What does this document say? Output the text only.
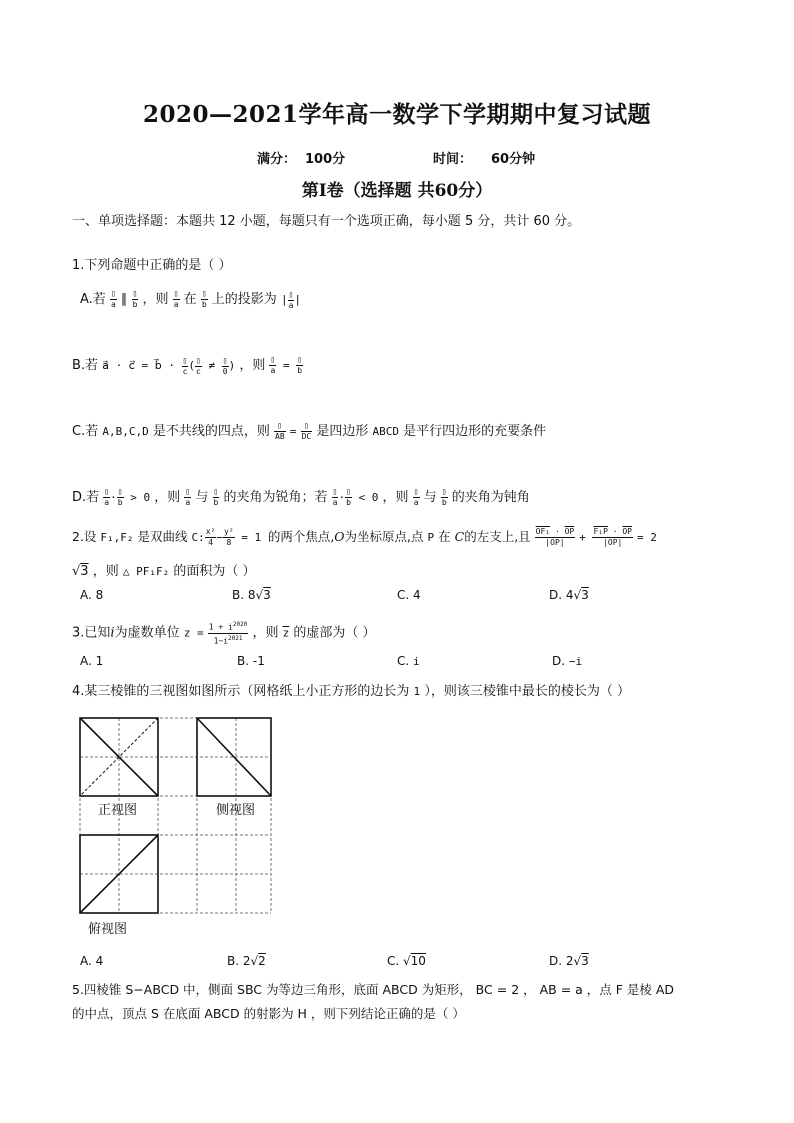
2020—2021学年高一数学下学期期中复习试题
满分： 100分	时间： 60分钟
第Ⅰ卷（选择题 共60分）
一、单项选择题：本题共 12 小题，每题只有一个选项正确，每小题 5 分，共计 60 分。
1.下列命题中正确的是（ ）
A.若 $\frac{▯}{a}$ ∥ $\frac{▯}{b}$ ，则 $\frac{▯}{a}$ 在 $\frac{▯}{b}$ 上的投影为 | $\frac{▯}{a}$ |
B.若 a⃗ · c⃗ = b⃗ · $\frac{▯}{c}$ ( $\frac{▯}{c} \ne \frac{▯}{0}$ ) ，则 $\frac{▯}{a} = \frac{▯}{b}$
C.若 A,B,C,D 是不共线的四点，则 $\frac{▯}{AB} = \frac{▯}{DC}$ 是四边形 ABCD 是平行四边形的充要条件
D.若 $\frac{▯}{a} \cdot \frac{▯}{b} > 0$ ，则 $\frac{▯}{a}$ 与 $\frac{▯}{b}$ 的夹角为锐角；若 $\frac{▯}{a} \cdot \frac{▯}{b} < 0$ ，则 $\frac{▯}{a}$ 与 $\frac{▯}{b}$ 的夹角为钝角
2.设 F₁,F₂ 是双曲线 C: $\frac{\text{x²}}{4} - \frac{\text{y²}}{8} = 1$ 的两个焦点,O为坐标原点,点 P 在 C的左支上,且 $\frac{OF_1 \cdot \overline{OP}}{|\overline{OP}|} + \frac{F_1P \cdot \overline{OP}}{|\overline{OP}|} = 2$
√3 ，则 △ PF₁F₂ 的面积为（ ）
A. 8	B. 8√3	C. 4	D. 4√3
3.已知i为虚数单位 $z = \frac{1 + i^{2020}}{1-i^{2021}}$ ，则 $\overline{z}$ 的虚部为（ ）
A. 1	B. -1	C. i	D. −i
4.某三棱锥的三视图如图所示（网格纸上小正方形的边长为 1 ），则该三棱锥中最长的棱长为（ ）
正视图	侧视图
俯视图
A. 4	B. 2√2	C. √10	D. 2√3
5.四棱锥 S−ABCD 中，侧面 SBC 为等边三角形，底面 ABCD 为矩形， BC = 2 ， AB = a ，点 F 是棱 AD
的中点，顶点 S 在底面 ABCD 的射影为 H ，则下列结论正确的是（ ）
